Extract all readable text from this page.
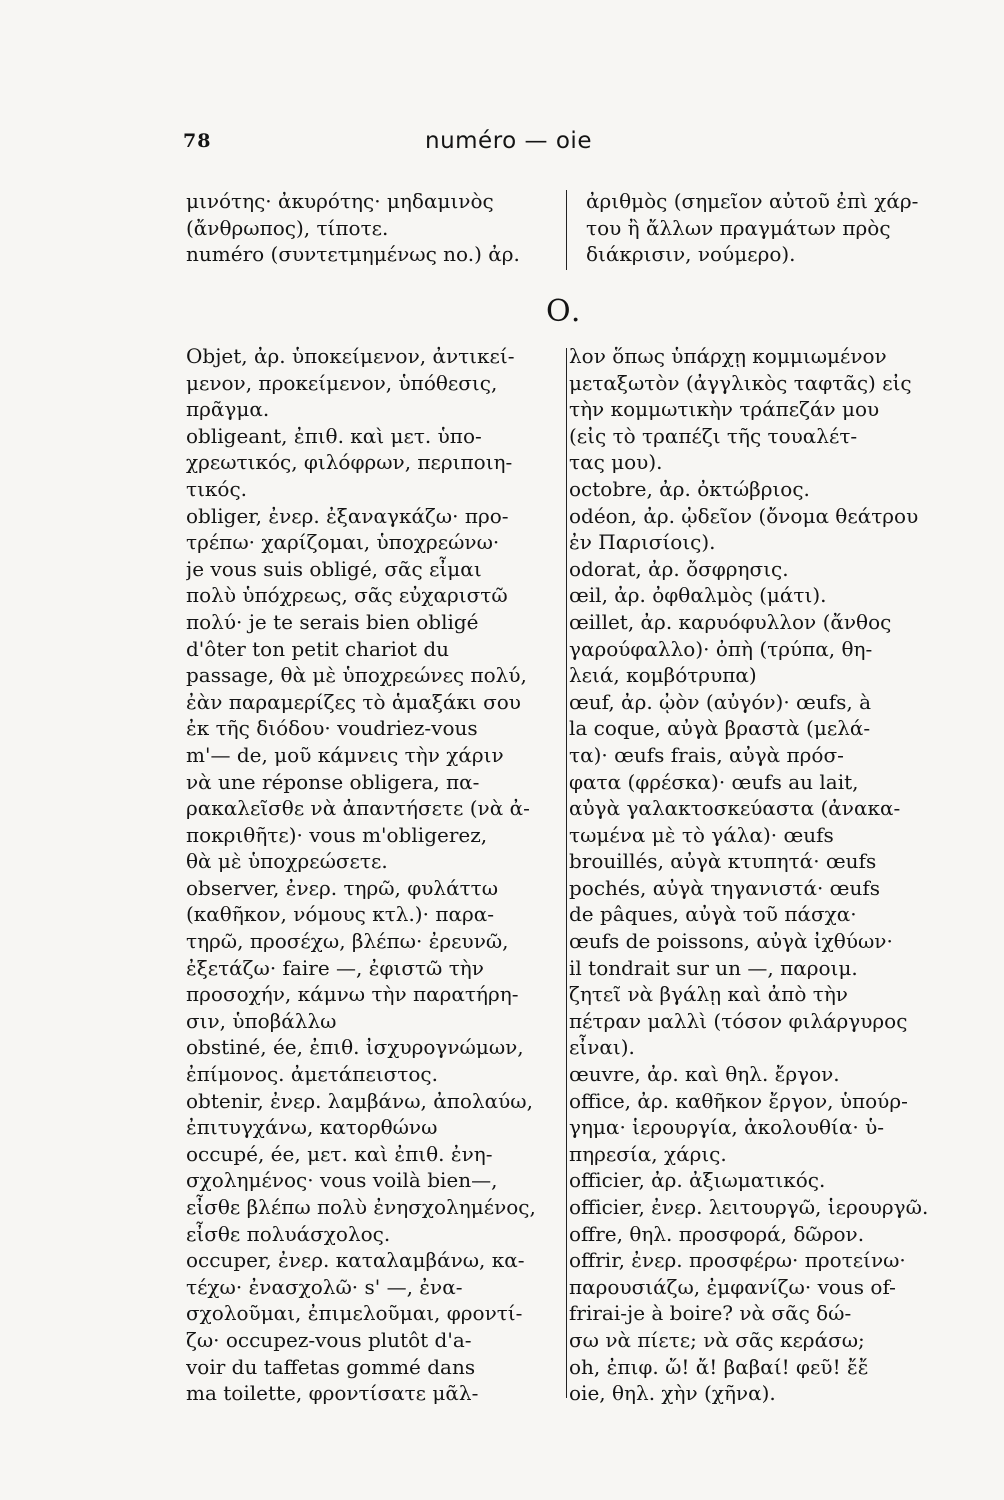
78	numéro — oie
μινότης· ἀκυρότης· μηδαμινὸς
(ἄνθρωπος), τίποτε.
numéro (συντετμημένως no.) ἀρ.
ἀριθμὸς (σημεῖον αὐτοῦ ἐπὶ χάρ-
του ἢ ἄλλων πραγμάτων πρὸς
διάκρισιν, νούμερο).
O.
Objet, ἀρ. ὑποκείμενον, ἀντικεί-
μενον, προκείμενον, ὑπόθεσις,
πρᾶγμα.
obligeant, ἐπιθ. καὶ μετ. ὑπο-
χρεωτικός, φιλόφρων, περιποιη-
τικός.
obliger, ἐνερ. ἐξαναγκάζω· προ-
τρέπω· χαρίζομαι, ὑποχρεώνω·
je vous suis obligé, σᾶς εἶμαι
πολὺ ὑπόχρεως, σᾶς εὐχαριστῶ
πολύ· je te serais bien obligé
d'ôter ton petit chariot du
passage, θὰ μὲ ὑποχρεώνες πολύ,
ἐὰν παραμερίζες τὸ ἁμαξάκι σου
ἐκ τῆς διόδου· voudriez-vous
m'— de, μοῦ κάμνεις τὴν χάριν
νὰ une réponse obligera, πα-
ρακαλεῖσθε νὰ ἀπαντήσετε (νὰ ἀ-
ποκριθῆτε)· vous m'obligerez,
θὰ μὲ ὑποχρεώσετε.
observer, ἐνερ. τηρῶ, φυλάττω
(καθῆκον, νόμους κτλ.)· παρα-
τηρῶ, προσέχω, βλέπω· ἐρευνῶ,
ἐξετάζω· faire —, ἐφιστῶ τὴν
προσοχήν, κάμνω τὴν παρατήρη-
σιν, ὑποβάλλω
obstiné, ée, ἐπιθ. ἰσχυρογνώμων,
ἐπίμονος. ἀμετάπειστος.
obtenir, ἐνερ. λαμβάνω, ἀπολαύω,
ἐπιτυγχάνω, κατορθώνω
occupé, ée, μετ. καὶ ἐπιθ. ἐνη-
σχολημένος· vous voilà bien—,
εἶσθε βλέπω πολὺ ἐνησχολημένος,
εἶσθε πολυάσχολος.
occuper, ἐνερ. καταλαμβάνω, κα-
τέχω· ἐνασχολῶ· s' —, ἐνα-
σχολοῦμαι, ἐπιμελοῦμαι, φροντί-
ζω· occupez-vous plutôt d'a-
voir du taffetas gommé dans
ma toilette, φροντίσατε μᾶλ-
λον ὅπως ὑπάρχῃ κομμιωμένον
μεταξωτὸν (ἀγγλικὸς ταφτᾶς) εἰς
τὴν κομμωτικὴν τράπεζάν μου
(εἰς τὸ τραπέζι τῆς τουαλέτ-
τας μου).
octobre, ἀρ. ὀκτώβριος.
odéon, ἀρ. ᾠδεῖον (ὄνομα θεάτρου
ἐν Παρισίοις).
odorat, ἀρ. ὄσφρησις.
œil, ἀρ. ὀφθαλμὸς (μάτι).
œillet, ἀρ. καρυόφυλλον (ἄνθος
γαρούφαλλο)· ὀπὴ (τρύπα, θη-
λειά, κομβότρυπα)
œuf, ἀρ. ᾠὸν (αὐγόν)· œufs, à
la coque, αὐγὰ βραστὰ (μελά-
τα)· œufs frais, αὐγὰ πρόσ-
φατα (φρέσκα)· œufs au lait,
αὐγὰ γαλακτοσκεύαστα (ἀνακα-
τωμένα μὲ τὸ γάλα)· œufs
brouillés, αὐγὰ κτυπητά· œufs
pochés, αὐγὰ τηγανιστά· œufs
de pâques, αὐγὰ τοῦ πάσχα·
œufs de poissons, αὐγὰ ἰχθύων·
il tondrait sur un —, παροιμ.
ζητεῖ νὰ βγάλῃ καὶ ἀπὸ τὴν
πέτραν μαλλὶ (τόσον φιλάργυρος
εἶναι).
œuvre, ἀρ. καὶ θηλ. ἔργον.
office, ἀρ. καθῆκον ἔργον, ὑπούρ-
γημα· ἱερουργία, ἀκολουθία· ὑ-
πηρεσία, χάρις.
officier, ἀρ. ἀξιωματικός.
officier, ἐνερ. λειτουργῶ, ἱερουργῶ.
offre, θηλ. προσφορά, δῶρον.
offrir, ἐνερ. προσφέρω· προτείνω·
παρουσιάζω, ἐμφανίζω· vous of-
frirai-je à boire? νὰ σᾶς δώ-
σω νὰ πίετε; νὰ σᾶς κεράσω;
oh, ἐπιφ. ὤ! ἄ! βαβαί! φεῦ! ἔἔ
oie, θηλ. χὴν (χῆνα).
